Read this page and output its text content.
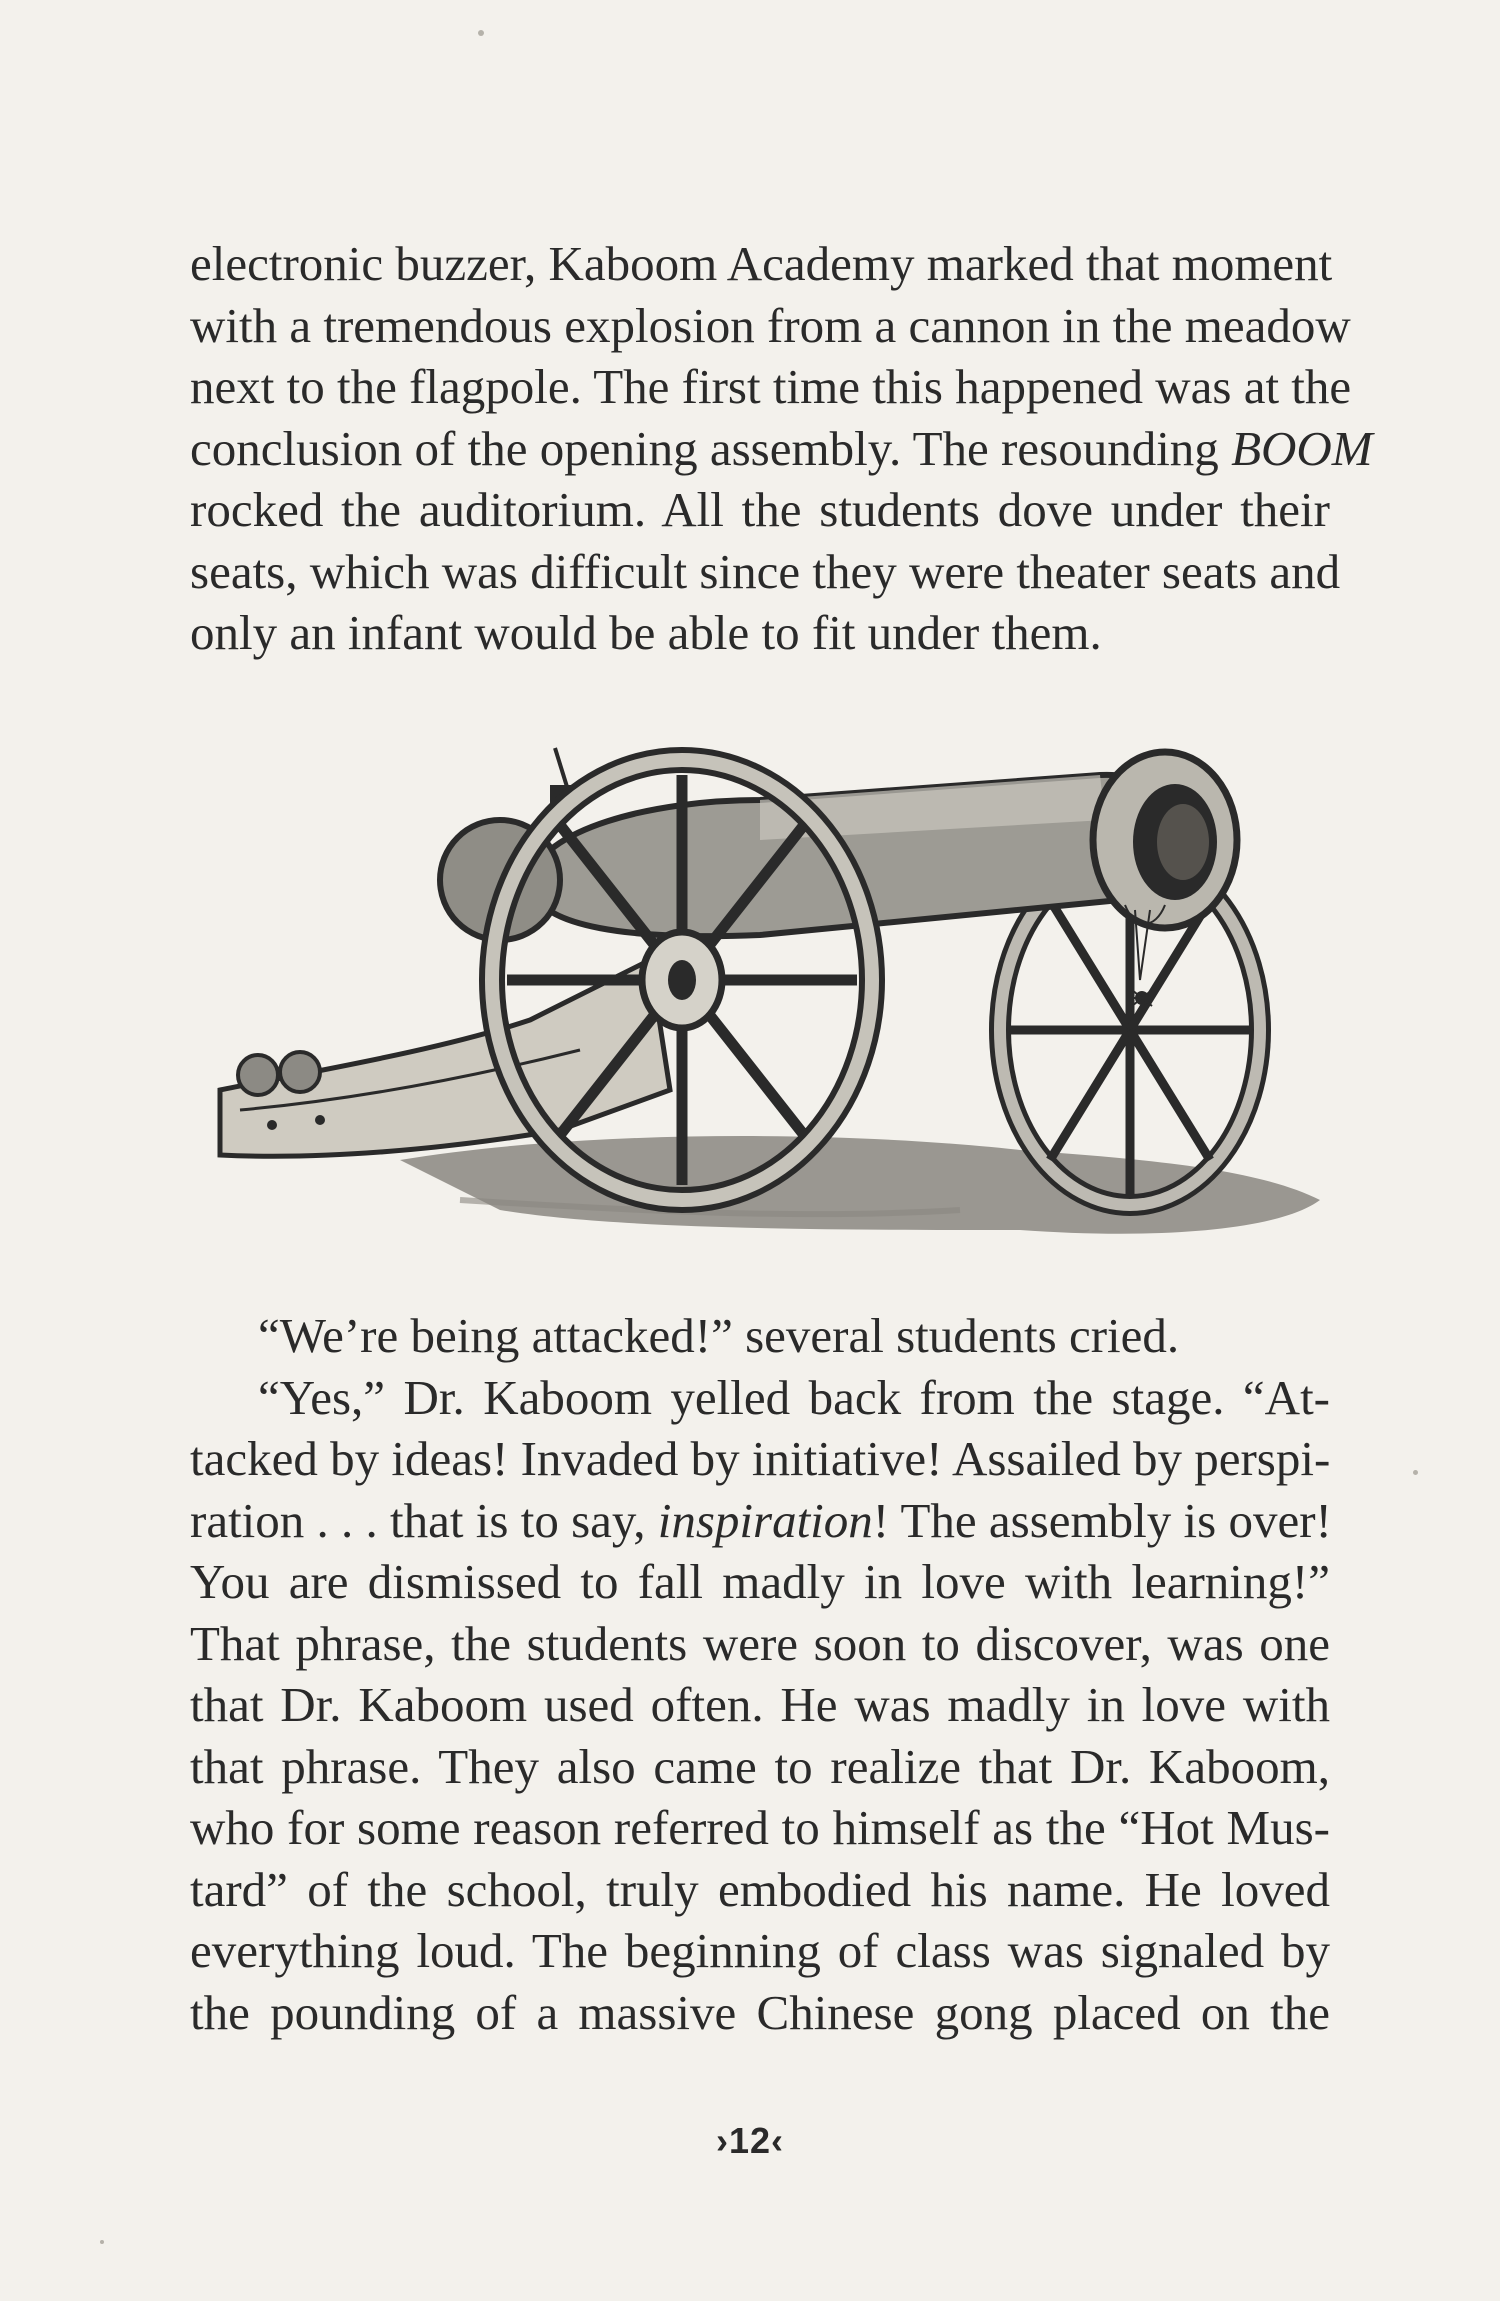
electronic buzzer, Kaboom Academy marked that moment
with a tremendous explosion from a cannon in the meadow
next to the flagpole. The first time this happened was at the
conclusion of the opening assembly. The resounding BOOM
rocked the auditorium. All the students dove under their
seats, which was difficult since they were theater seats and
only an infant would be able to fit under them.
“We’re being attacked!” several students cried.
“Yes,” Dr. Kaboom yelled back from the stage. “At-
tacked by ideas! Invaded by initiative! Assailed by perspi-
ration . . . that is to say, inspiration! The assembly is over!
You are dismissed to fall madly in love with learning!”
That phrase, the students were soon to discover, was one
that Dr. Kaboom used often. He was madly in love with
that phrase. They also came to realize that Dr. Kaboom,
who for some reason referred to himself as the “Hot Mus-
tard” of the school, truly embodied his name. He loved
everything loud. The beginning of class was signaled by
the pounding of a massive Chinese gong placed on the
›12‹
